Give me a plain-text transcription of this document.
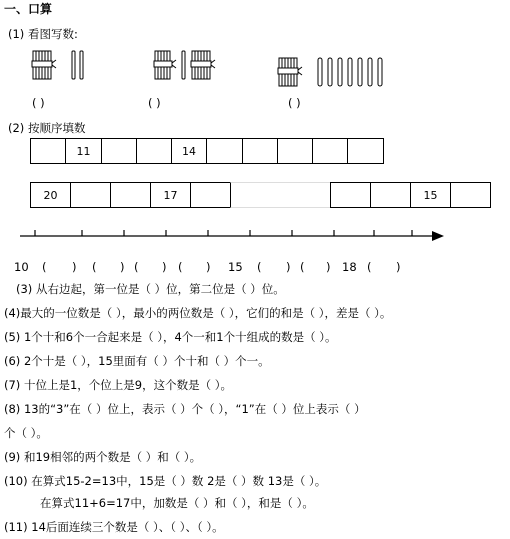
一、口算
(1) 看图写数:
( )	( )	( )
(2) 按顺序填数
11	14
20	17	15
10 ( ) ( ) ( ) ( ) 15 ( ) ( ) 18 ( )
(3) 从右边起，第一位是（ ）位，第二位是（ ）位。
(4)最大的一位数是（ ），最小的两位数是（ ），它们的和是（ ），差是（ ）。
(5) 1个十和6个一合起来是（ ），4个一和1个十组成的数是（ ）。
(6) 2个十是（ ），15里面有（ ）个十和（ ）个一。
(7) 十位上是1，个位上是9，这个数是（ ）。
(8) 13的“3”在（ ）位上，表示（ ）个（ ），“1”在（ ）位上表示（ ）
个（ ）。
(9) 和19相邻的两个数是（ ）和（ ）。
(10) 在算式15-2=13中，15是（ ）数 2是（ ）数 13是（ ）。
在算式11+6=17中，加数是（ ）和（ ），和是（ ）。
(11) 14后面连续三个数是（ ）、（ ）、（ ）。
